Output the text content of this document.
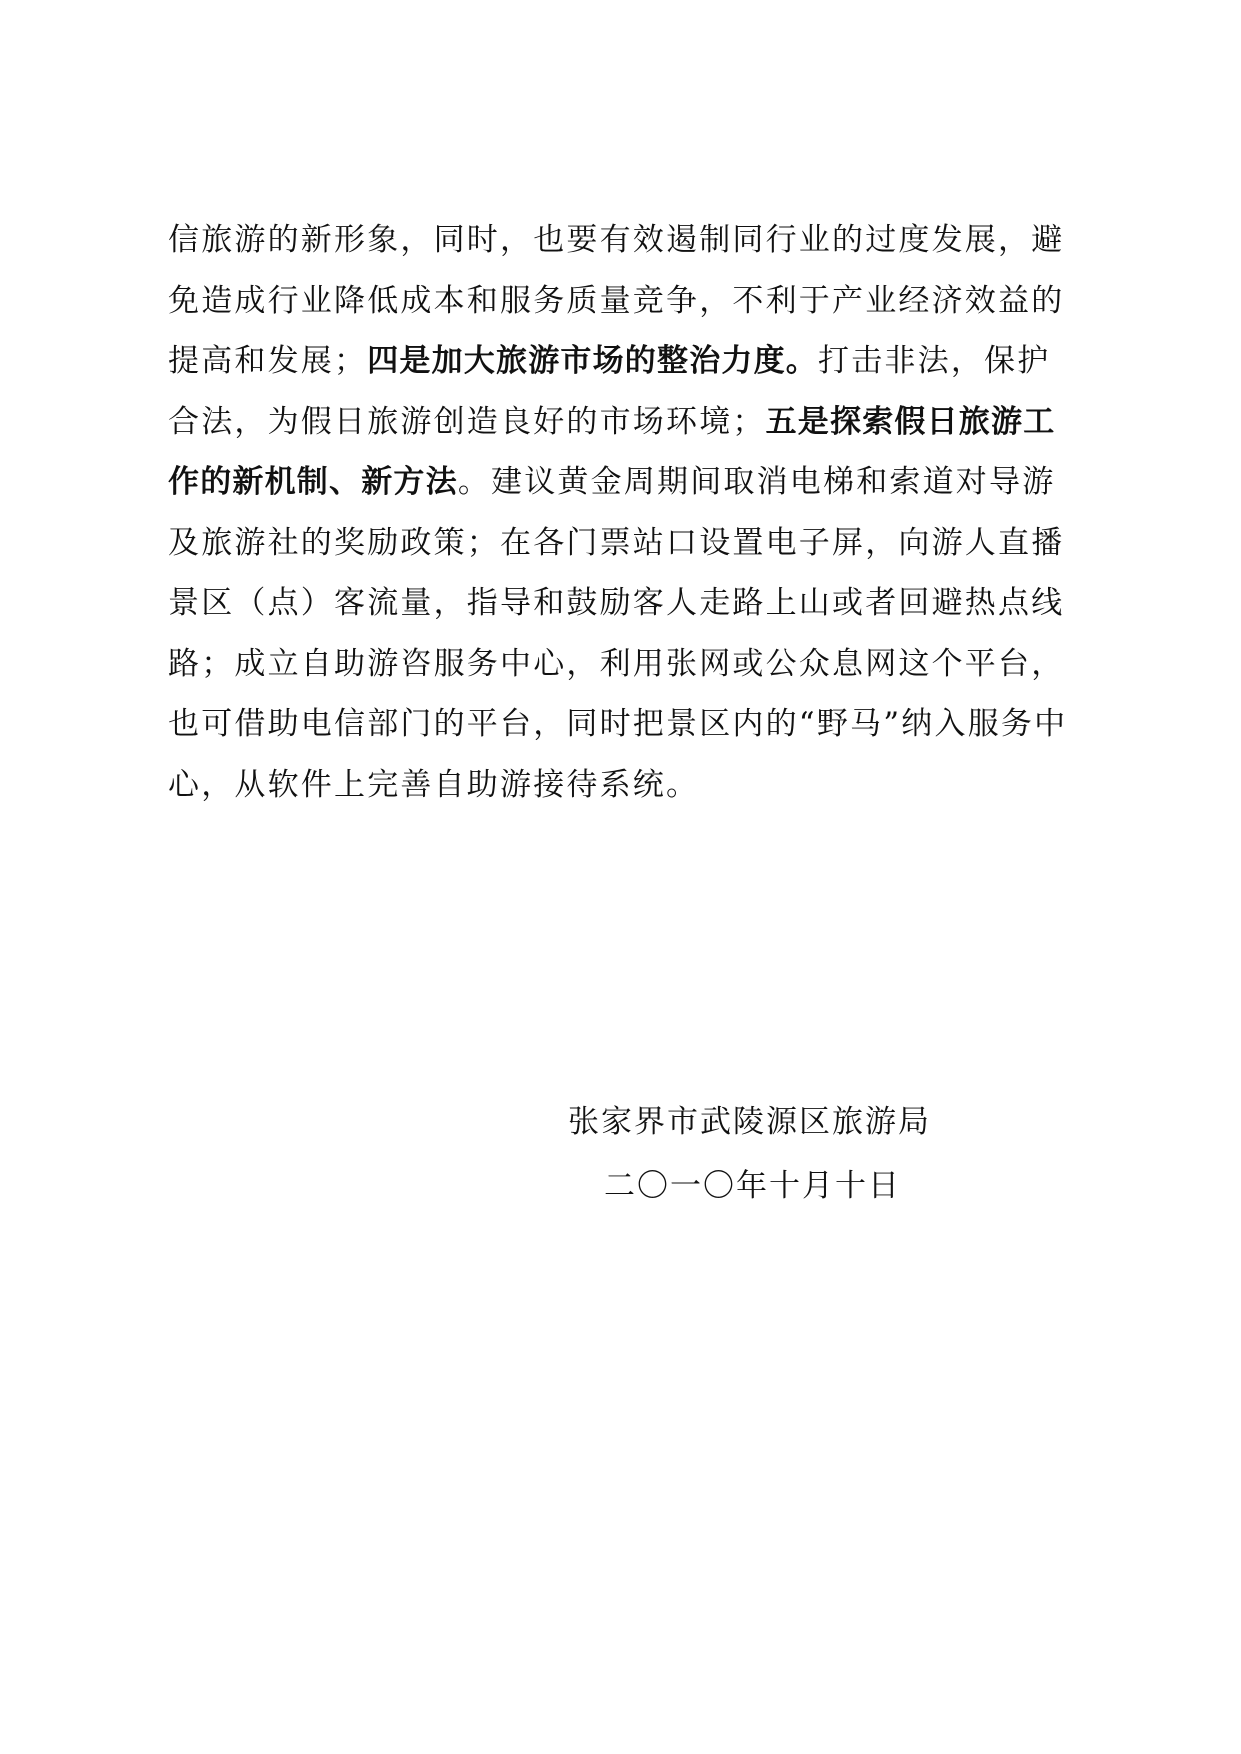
信旅游的新形象，同时，也要有效遏制同行业的过度发展，避
免造成行业降低成本和服务质量竞争，不利于产业经济效益的
提高和发展；四是加大旅游市场的整治力度。打击非法，保护
合法，为假日旅游创造良好的市场环境；五是探索假日旅游工
作的新机制、新方法。建议黄金周期间取消电梯和索道对导游
及旅游社的奖励政策；在各门票站口设置电子屏，向游人直播
景区（点）客流量，指导和鼓励客人走路上山或者回避热点线
路；成立自助游咨服务中心，利用张网或公众息网这个平台，
也可借助电信部门的平台，同时把景区内的“野马”纳入服务中
心，从软件上完善自助游接待系统。
张家界市武陵源区旅游局
二〇一〇年十月十日
